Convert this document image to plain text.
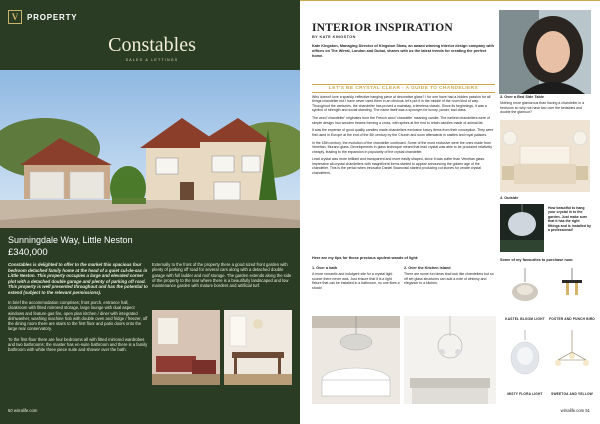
V PROPERTY
Constables
SALES & LETTINGS
Sunningdale Way, Little Neston
£340,000

Constables is delighted to offer to the market this spacious four bedroom detached family home at the head of a quiet cul-de-sac in Little Neston. This property occupies a large and elevated corner plot with a detached double garage and plenty of parking off road. This property is well presented throughout and has the potential to extend (subject to the relevant permissions).

In brief the accommodation comprises; front porch, entrance hall, cloakroom with fitted mirrored storage, large lounge with dual aspect windows and feature gas fire, open plan kitchen / diner with integrated dishwasher, washing machine hob with double oven and fridge / freezer, off the dining room there are stairs to the first floor and patio doors onto the large rear conservatory.

To the first floor there are four bedrooms all with fitted mirrored wardrobes and two bathrooms; the master has en-suite bathroom and there is a family bathroom with white three piece suite and shower over the bath.

Externally to the front of the property there a good sized front garden with plenty of parking off road for several cars along with a detached double garage with full ladder and roof storage. The garden extends along the side of the property to the rear where there is a beautifully landscaped and low maintenance garden with mature borders and artificial turf.

50 wirralife.com
INTERIOR INSPIRATION
BY KATE KINGSTON
Kate Kingston, Managing Director of Kingston Shaw, an award winning interior design company with offices on The Wirral, London and Dubai, shares with us the latest trends for creating the perfect home.
LET'S BE CRYSTAL CLEAR - A GUIDE TO CHANDELIERS

Who doesn't love a sparkly, reflective hanging piece of decorative glass? I for one have had a hidden passion for all things chandelier but I have never used them in an obvious, let's put it in the middle of the room kind of way. Throughout the centuries, the chandelier has proved a mainstay, a timeless classic. Since its beginnings, it was a symbol of strength and social standing. The name itself was a synonym for luxury, power, and class.

The word 'chandelier' originates from the French word 'chandelle' meaning candle. The earliest chandeliers were of simple design: two wooden beams forming a cross, with spikes at the end to retain candles made of animal fat.

It was the expense of good quality candles made chandeliers exclusive luxury items from their conception. They were first used in Europe at the end of the 4th century by the Church and soon afterwards in castles and royal palaces.

In the 18th century, the evolution of the chandelier continued. Some of the most exclusive were the ones made from Venetian, Murano glass. Developments in glass technique meant that lead crystal was able to be produced relatively cheaply, leading to the expansion in popularity of the crystal chandelier.

Lead crystal was more brilliant and transparent and more easily shaped, since it was softer than Venetian glass. Impressive all-crystal chandeliers with magnificent forms started to appear announcing the golden age of the chandelier. This is the period when innovator Daniel Swarovski started producing cut stones for ornate crystal chandeliers.

Here are my tips for those precious opulent wands of light:
1. Over a bath

A more romantic and indulgent site for a crystal light source there never was. Just ensure that it is a light fixture that can be installed in a bathroom, no one likes a shock!

2. Over the Kitchen Island

There are some fun ideas that look like chandeliers but so off set glass structures can add a note of whimsy and elegance to a kitchen.

3. Over a Bed Side Table

Nothing more glamorous than having a chandelier in a bedroom so why not have two over the bedsides and double the glamour?

4. Outside

How beautiful to hang your crystal in to the garden. Just make sure that it has the right fittings and is installed by a professional!

Some of my favourites to purchase now:
KASTEL BLOOM LIGHT	FOSTER AND PUNCH BIRD
MISTY FLORA LIGHT	SWEETGA AND YELLOW
wirralife.com 51
